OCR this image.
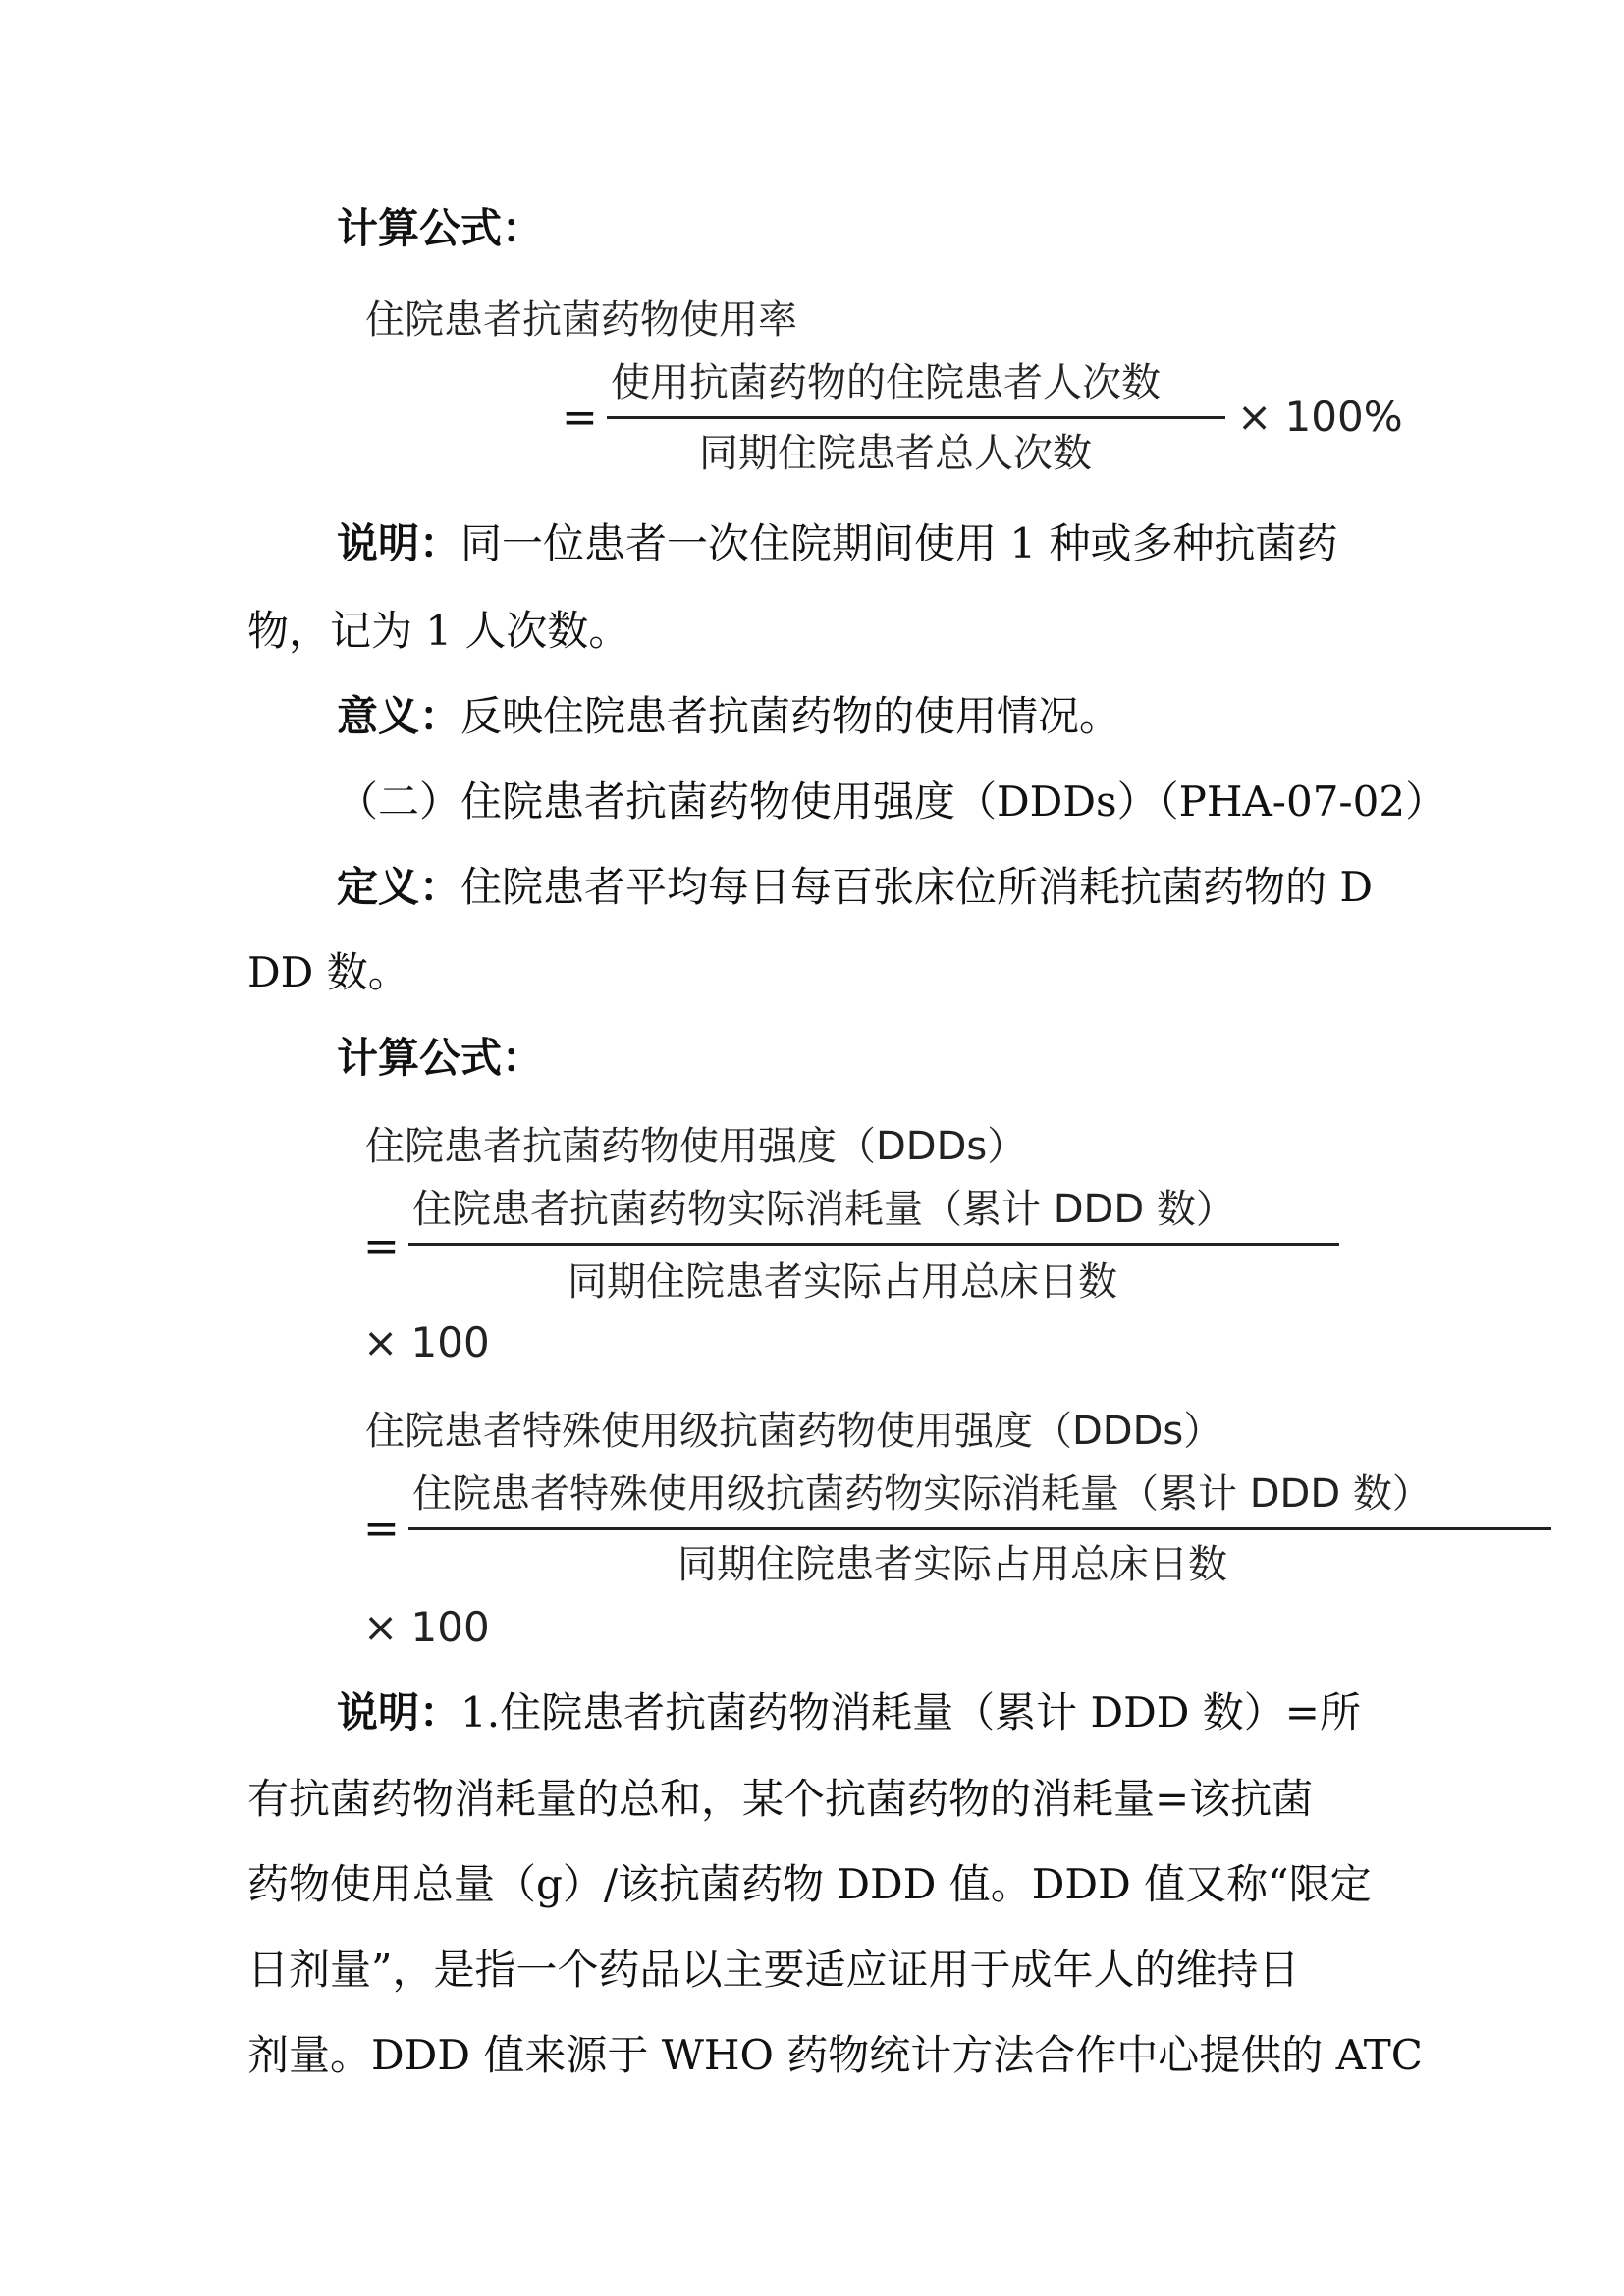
计算公式：
住院患者抗菌药物使用率
=
使用抗菌药物的住院患者人次数
同期住院患者总人次数
× 100%
说明：同一位患者一次住院期间使用 1 种或多种抗菌药
物，记为 1 人次数。
意义：反映住院患者抗菌药物的使用情况。
（二）住院患者抗菌药物使用强度（DDDs）（PHA-07-02）
定义：住院患者平均每日每百张床位所消耗抗菌药物的 D
DD 数。
计算公式：
住院患者抗菌药物使用强度（DDDs）
=
住院患者抗菌药物实际消耗量（累计 DDD 数）
同期住院患者实际占用总床日数
× 100
住院患者特殊使用级抗菌药物使用强度（DDDs）
=
住院患者特殊使用级抗菌药物实际消耗量（累计 DDD 数）
同期住院患者实际占用总床日数
× 100
说明：1.住院患者抗菌药物消耗量（累计 DDD 数）=所
有抗菌药物消耗量的总和，某个抗菌药物的消耗量=该抗菌
药物使用总量（g）/该抗菌药物 DDD 值。DDD 值又称“限定
日剂量”，是指一个药品以主要适应证用于成年人的维持日
剂量。DDD 值来源于 WHO 药物统计方法合作中心提供的 ATC
